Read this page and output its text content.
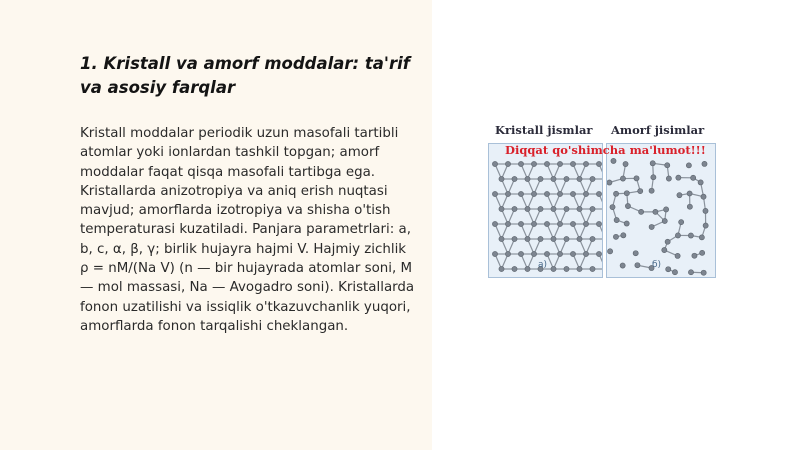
1. Kristall va amorf moddalar: ta'rif va asosiy farqlar

Kristall moddalar periodik uzun masofali tartibli atomlar yoki ionlardan tashkil topgan; amorf moddalar faqat qisqa masofali tartibga ega. Kristallarda anizotropiya va aniq erish nuqtasi mavjud; amorflarda izotropiya va shisha o'tish temperaturasi kuzatiladi. Panjara parametrlari: a, b, c, α, β, γ; birlik hujayra hajmi V. Hajmiy zichlik ρ = nM/(Na V) (n — bir hujayrada atomlar soni, M — mol massasi, Na — Avogadro soni). Kristallarda fonon uzatilishi va issiqlik o'tkazuvchanlik yuqori, amorflarda fonon tarqalishi cheklangan.

Kristall jismlar Amorf jisimlar
Diqqat qo'shimcha ma'lumot!!!
a)	б)
